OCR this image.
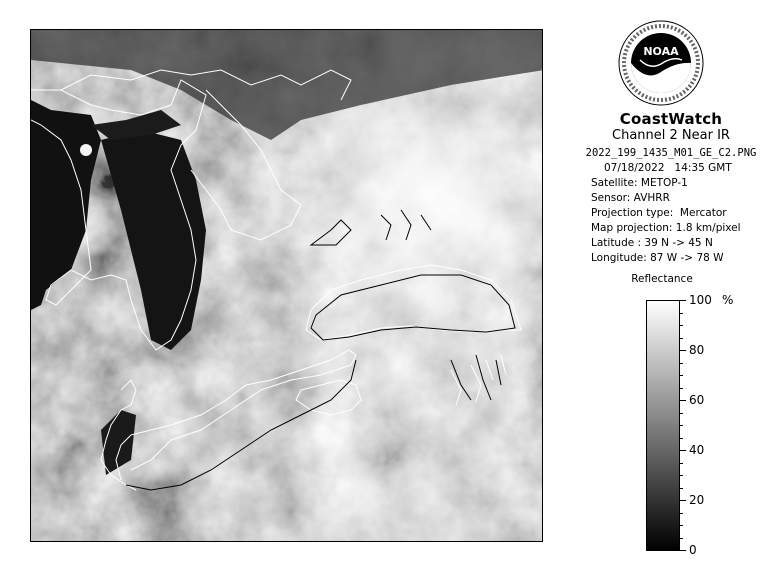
NOAA
CoastWatch
Channel 2 Near IR
2022_199_1435_M01_GE_C2.PNG
07/18/2022   14:35 GMT
Satellite: METOP-1
Sensor: AVHRR
Projection type:  Mercator
Map projection: 1.8 km/pixel
Latitude : 39 N -> 45 N
Longitude: 87 W -> 78 W
Reflectance
%
100
80
60
40
20
0
